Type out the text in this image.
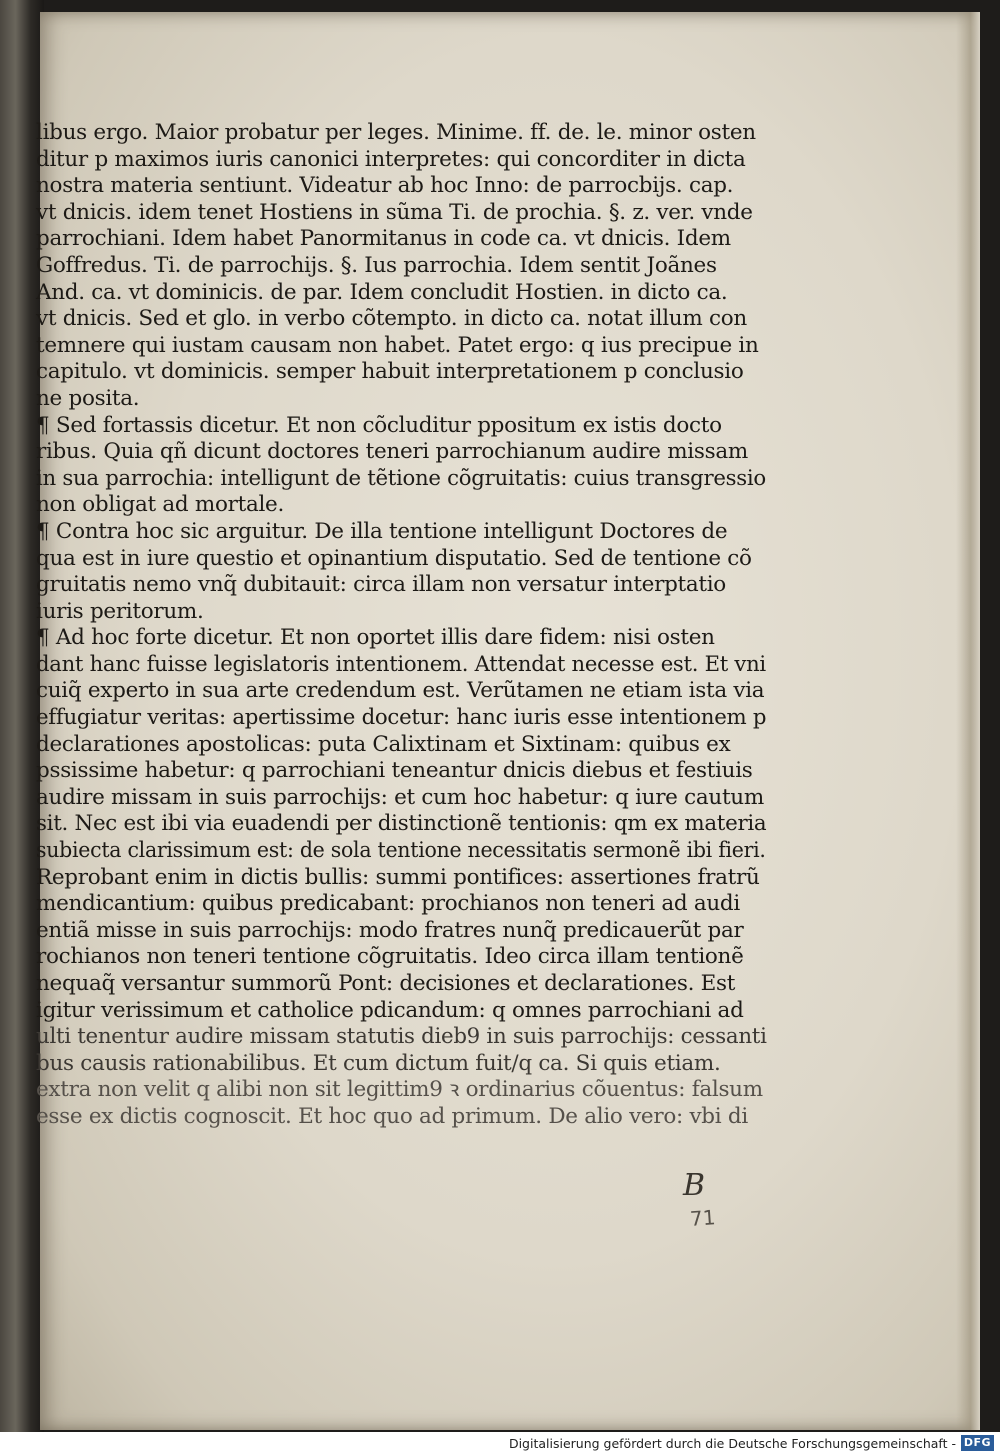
libus ergo. Maior probatur per leges. Minime. ff. de. le. minor osten
ditur p maximos iuris canonici interpretes: qui concorditer in dicta
nostra materia sentiunt. Videatur ab hoc Inno: de parrocbijs. cap.
vt dnicis. idem tenet Hostiens in sũma Ti. de prochia. §. z. ver. vnde
parrochiani. Idem habet Panormitanus in code ca. vt dnicis. Idem
Goffredus. Ti. de parrochijs. §. Ius parrochia. Idem sentit Joãnes
And. ca. vt dominicis. de par. Idem concludit Hostien. in dicto ca.
vt dnicis. Sed et glo. in verbo cõtempto. in dicto ca. notat illum con
temnere qui iustam causam non habet. Patet ergo: q ius precipue in
capitulo. vt dominicis. semper habuit interpretationem p conclusio
ne posita.
¶ Sed fortassis dicetur. Et non cõcluditur ppositum ex istis docto
ribus. Quia qñ dicunt doctores teneri parrochianum audire missam
in sua parrochia: intelligunt de tẽtione cõgruitatis: cuius transgressio
non obligat ad mortale.
¶ Contra hoc sic arguitur. De illa tentione intelligunt Doctores de
qua est in iure questio et opinantium disputatio. Sed de tentione cõ
gruitatis nemo vnq̃ dubitauit: circa illam non versatur interptatio
iuris peritorum.
¶ Ad hoc forte dicetur. Et non oportet illis dare fidem: nisi osten
dant hanc fuisse legislatoris intentionem. Attendat necesse est. Et vni
cuiq̃ experto in sua arte credendum est. Verũtamen ne etiam ista via
effugiatur veritas: apertissime docetur: hanc iuris esse intentionem p
declarationes apostolicas: puta Calixtinam et Sixtinam: quibus ex
pssissime habetur: q parrochiani teneantur dnicis diebus et festiuis
audire missam in suis parrochijs: et cum hoc habetur: q iure cautum
sit. Nec est ibi via euadendi per distinctionẽ tentionis: qm ex materia
subiecta clarissimum est: de sola tentione necessitatis sermonẽ ibi fieri.
Reprobant enim in dictis bullis: summi pontifices: assertiones fratrũ
mendicantium: quibus predicabant: prochianos non teneri ad audi
entiã misse in suis parrochijs: modo fratres nunq̃ predicauerũt par
rochianos non teneri tentione cõgruitatis. Ideo circa illam tentionẽ
nequaq̃ versantur summorũ Pont: decisiones et declarationes. Est
igitur verissimum et catholice pdicandum: q omnes parrochiani ad
ulti tenentur audire missam statutis dieb9 in suis parrochijs: cessanti
bus causis rationabilibus. Et cum dictum fuit/q ca. Si quis etiam.
extra non velit q alibi non sit legittim9 ꝛ ordinarius cõuentus: falsum
esse ex dictis cognoscit. Et hoc quo ad primum. De alio vero: vbi di
B
71
Digitalisierung gefördert durch die Deutsche Forschungsgemeinschaft - DFG
